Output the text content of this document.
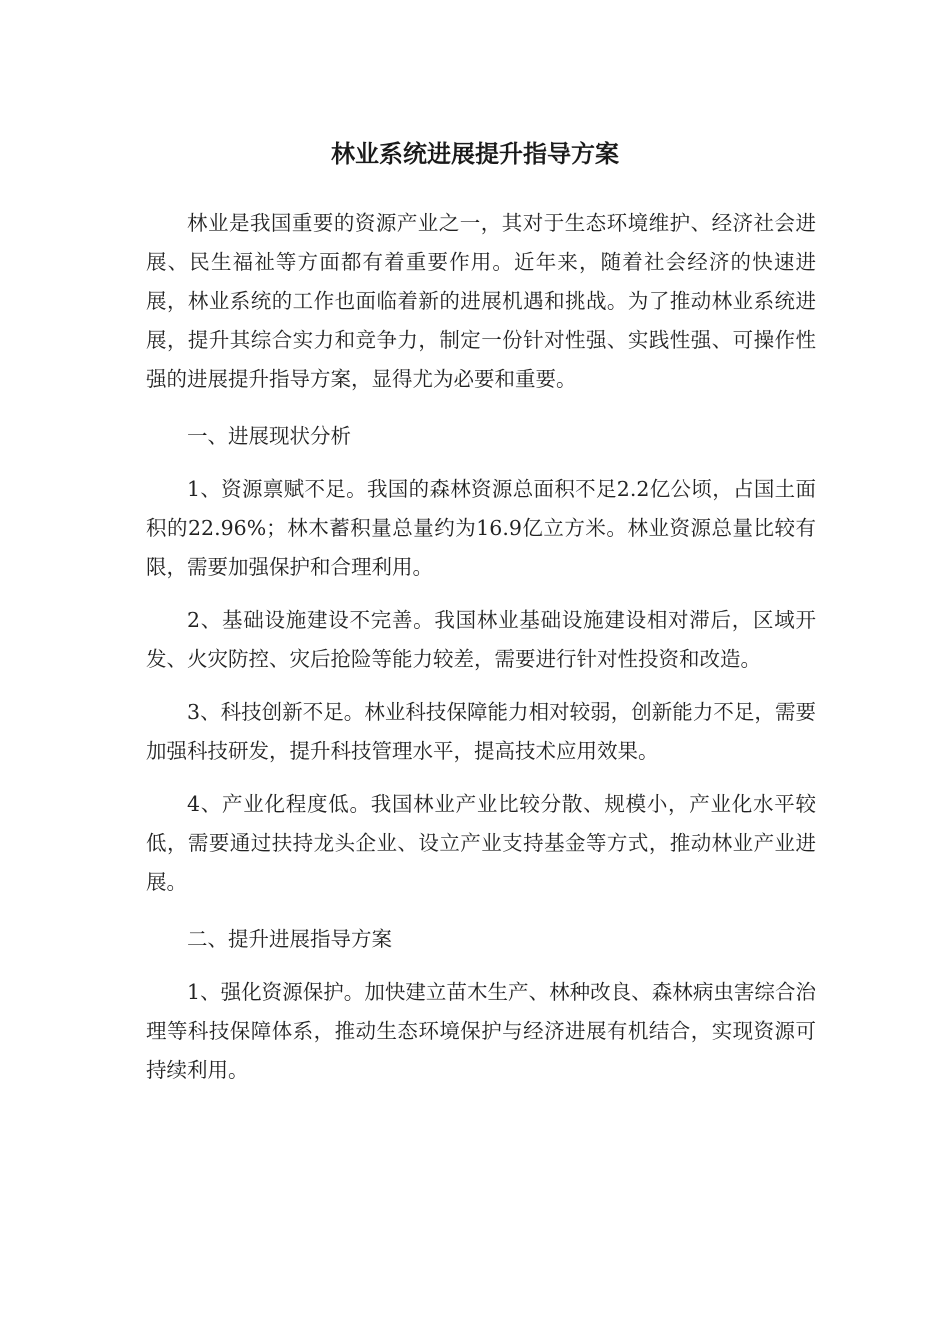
林业系统进展提升指导方案

林业是我国重要的资源产业之一，其对于生态环境维护、经济社会进展、民生福祉等方面都有着重要作用。近年来，随着社会经济的快速进展，林业系统的工作也面临着新的进展机遇和挑战。为了推动林业系统进展，提升其综合实力和竞争力，制定一份针对性强、实践性强、可操作性强的进展提升指导方案，显得尤为必要和重要。

一、进展现状分析

1、资源禀赋不足。我国的森林资源总面积不足2.2亿公顷，占国土面积的22.96%；林木蓄积量总量约为16.9亿立方米。林业资源总量比较有限，需要加强保护和合理利用。

2、基础设施建设不完善。我国林业基础设施建设相对滞后，区域开发、火灾防控、灾后抢险等能力较差，需要进行针对性投资和改造。

3、科技创新不足。林业科技保障能力相对较弱，创新能力不足，需要加强科技研发，提升科技管理水平，提高技术应用效果。

4、产业化程度低。我国林业产业比较分散、规模小，产业化水平较低，需要通过扶持龙头企业、设立产业支持基金等方式，推动林业产业进展。

二、提升进展指导方案

1、强化资源保护。加快建立苗木生产、林种改良、森林病虫害综合治理等科技保障体系，推动生态环境保护与经济进展有机结合，实现资源可持续利用。
